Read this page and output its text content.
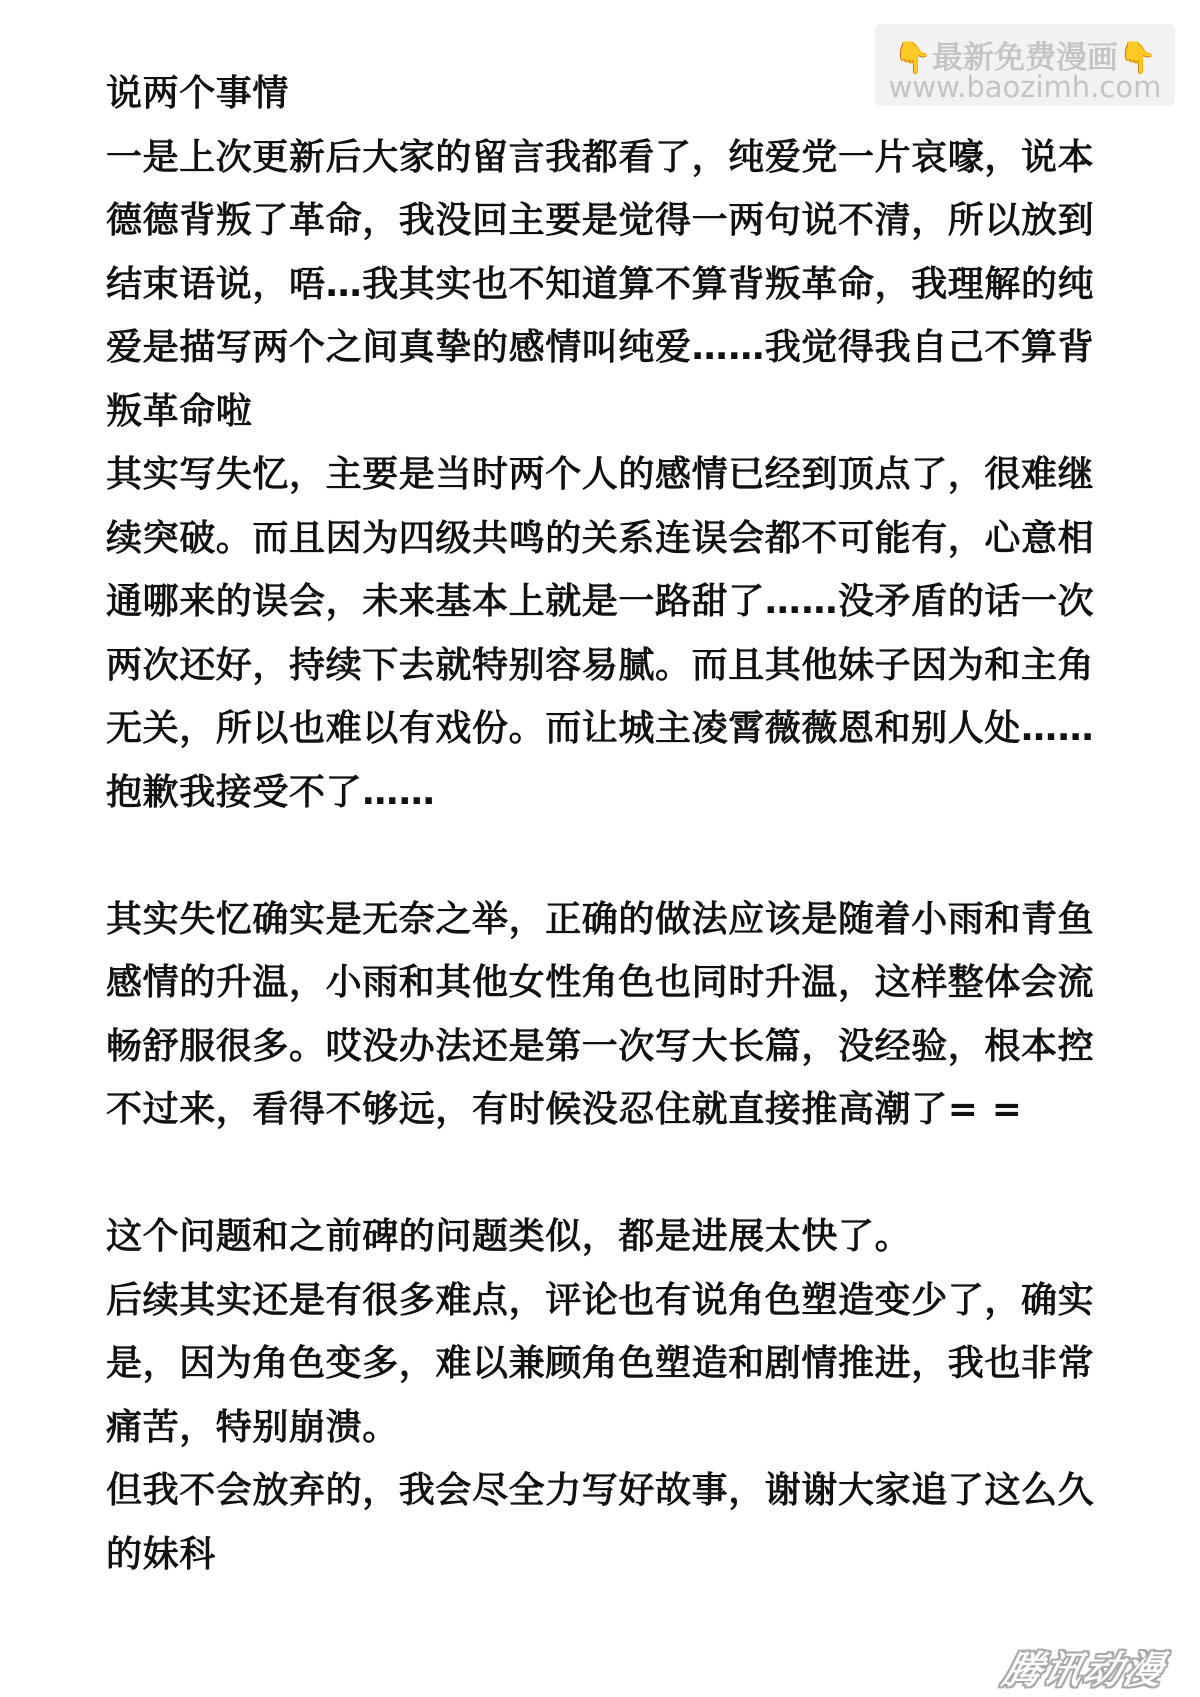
👇最新免费漫画👇
www.baozimh.com

说两个事情

一是上次更新后大家的留言我都看了，纯爱党一片哀嚎，说本德德背叛了革命，我没回主要是觉得一两句说不清，所以放到结束语说，唔…我其实也不知道算不算背叛革命，我理解的纯爱是描写两个之间真挚的感情叫纯爱……我觉得我自己不算背叛革命啦

其实写失忆，主要是当时两个人的感情已经到顶点了，很难继续突破。而且因为四级共鸣的关系连误会都不可能有，心意相通哪来的误会，未来基本上就是一路甜了……没矛盾的话一次两次还好，持续下去就特别容易腻。而且其他妹子因为和主角无关，所以也难以有戏份。而让城主凌霄薇薇恩和别人处……抱歉我接受不了……

其实失忆确实是无奈之举，正确的做法应该是随着小雨和青鱼感情的升温，小雨和其他女性角色也同时升温，这样整体会流畅舒服很多。哎没办法还是第一次写大长篇，没经验，根本控不过来，看得不够远，有时候没忍住就直接推高潮了= =

这个问题和之前碑的问题类似，都是进展太快了。

后续其实还是有很多难点，评论也有说角色塑造变少了，确实是，因为角色变多，难以兼顾角色塑造和剧情推进，我也非常痛苦，特别崩溃。

但我不会放弃的，我会尽全力写好故事，谢谢大家追了这么久的妹科

腾讯动漫
